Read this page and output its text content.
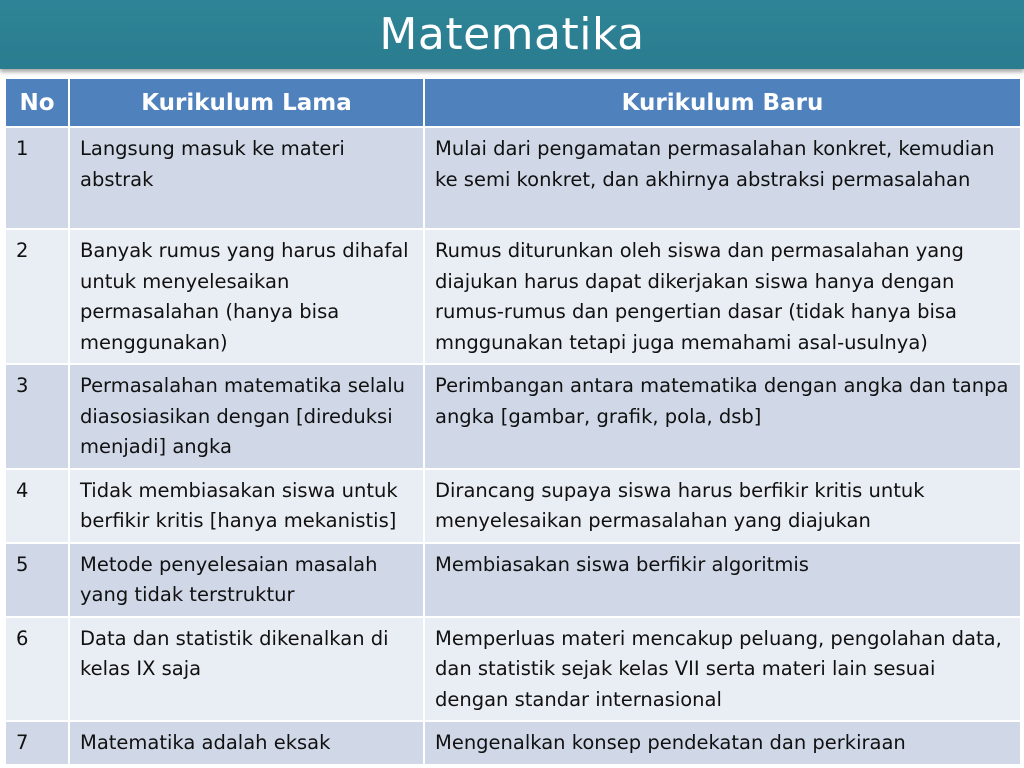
Matematika
No	Kurikulum Lama	Kurikulum Baru
1	Langsung masuk ke materi abstrak	Mulai dari pengamatan permasalahan konkret, kemudian ke semi konkret, dan akhirnya abstraksi permasalahan
2	Banyak rumus yang harus dihafal untuk menyelesaikan permasalahan (hanya bisa menggunakan)	Rumus diturunkan oleh siswa dan permasalahan yang diajukan harus dapat dikerjakan siswa hanya dengan rumus-rumus dan pengertian dasar (tidak hanya bisa mnggunakan tetapi juga memahami asal-usulnya)
3	Permasalahan matematika selalu diasosiasikan dengan [direduksi menjadi] angka	Perimbangan antara matematika dengan angka dan tanpa angka [gambar, grafik, pola, dsb]
4	Tidak membiasakan siswa untuk berfikir kritis [hanya mekanistis]	Dirancang supaya siswa harus berfikir kritis untuk menyelesaikan permasalahan yang diajukan
5	Metode penyelesaian masalah yang tidak terstruktur	Membiasakan siswa berfikir algoritmis
6	Data dan statistik dikenalkan di kelas IX saja	Memperluas materi mencakup peluang, pengolahan data, dan statistik sejak kelas VII serta materi lain sesuai dengan standar internasional
7	Matematika adalah eksak	Mengenalkan konsep pendekatan dan perkiraan
